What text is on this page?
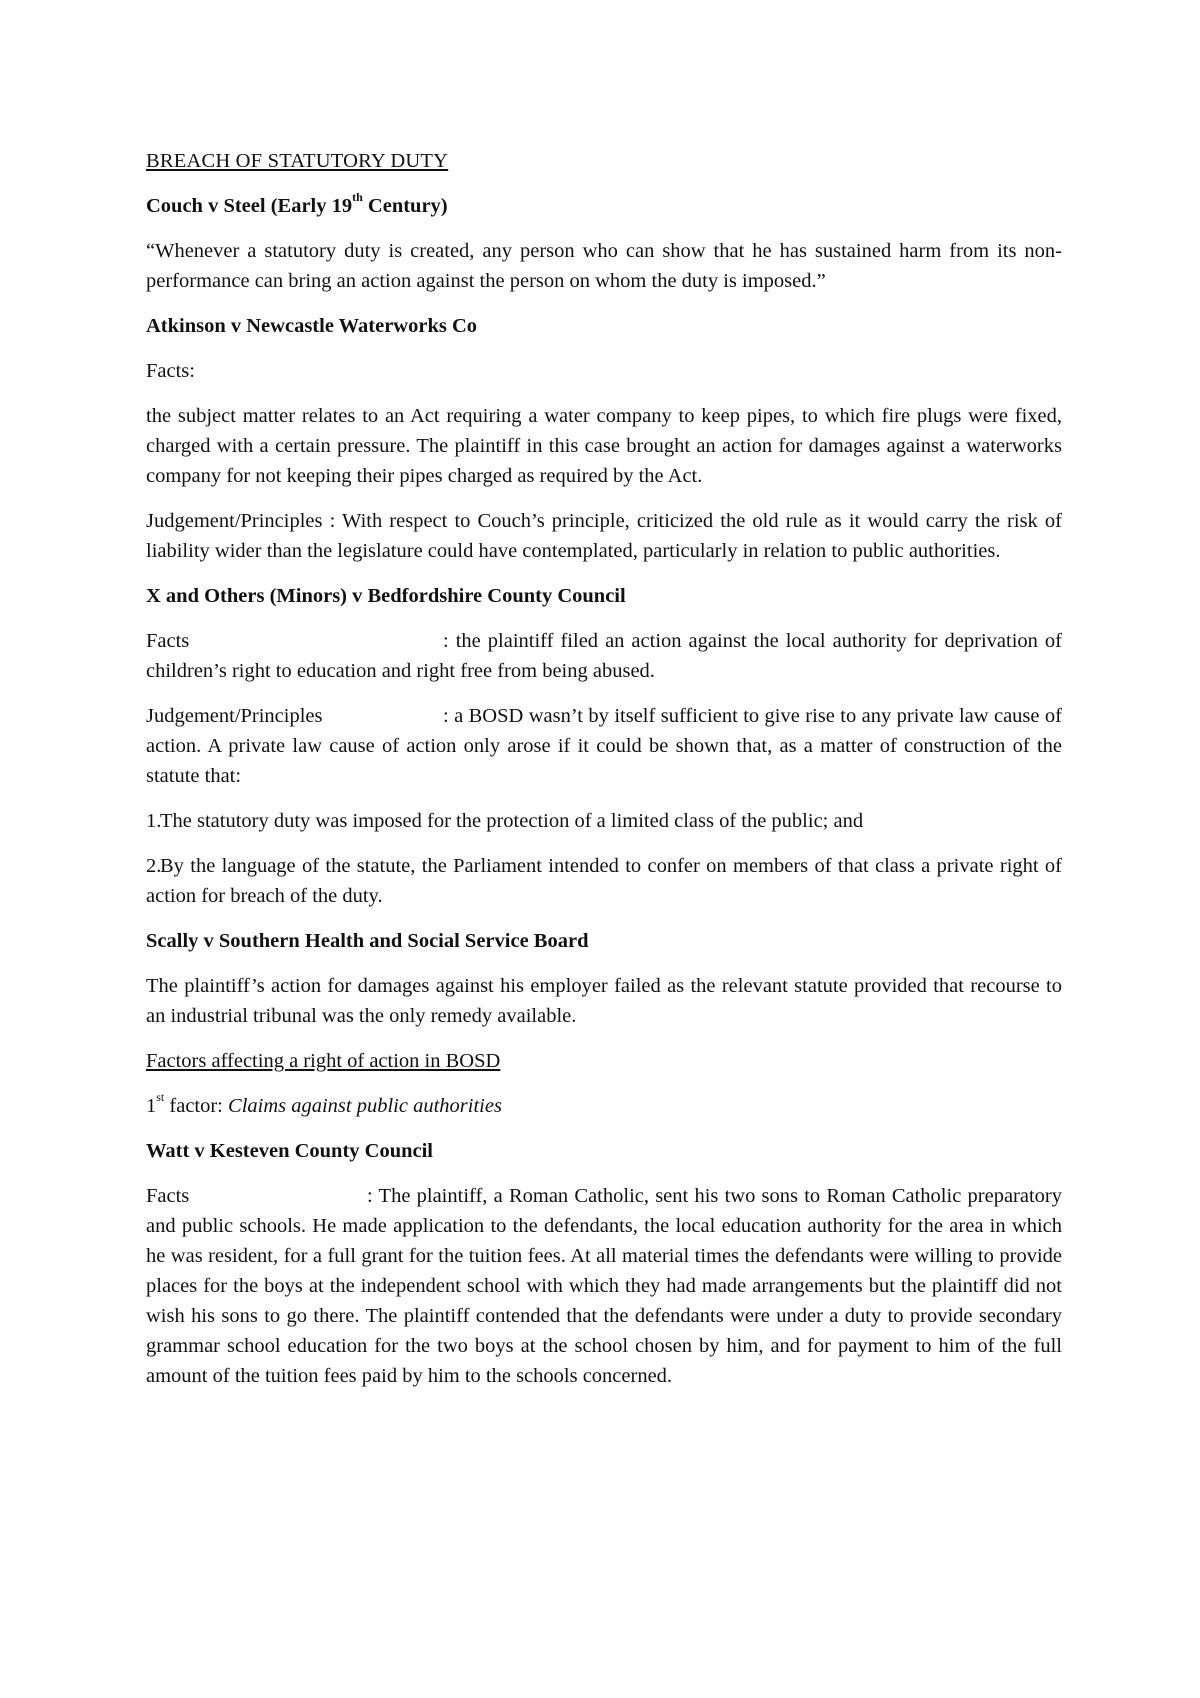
BREACH OF STATUTORY DUTY

Couch v Steel (Early 19th Century)

“Whenever a statutory duty is created, any person who can show that he has sustained harm from its non-performance can bring an action against the person on whom the duty is imposed.”

Atkinson v Newcastle Waterworks Co

Facts:

the subject matter relates to an Act requiring a water company to keep pipes, to which fire plugs were fixed, charged with a certain pressure. The plaintiff in this case brought an action for damages against a waterworks company for not keeping their pipes charged as required by the Act.

Judgement/Principles : With respect to Couch’s principle, criticized the old rule as it would carry the risk of liability wider than the legislature could have contemplated, particularly in relation to public authorities.

X and Others (Minors) v Bedfordshire County Council

Facts	: the plaintiff filed an action against the local authority for deprivation of children’s right to education and right free from being abused.

Judgement/Principles	: a BOSD wasn’t by itself sufficient to give rise to any private law cause of action. A private law cause of action only arose if it could be shown that, as a matter of construction of the statute that:

1.The statutory duty was imposed for the protection of a limited class of the public; and

2.By the language of the statute, the Parliament intended to confer on members of that class a private right of action for breach of the duty.

Scally v Southern Health and Social Service Board

The plaintiff’s action for damages against his employer failed as the relevant statute provided that recourse to an industrial tribunal was the only remedy available.

Factors affecting a right of action in BOSD

1st factor: Claims against public authorities

Watt v Kesteven County Council

Facts	: The plaintiff, a Roman Catholic, sent his two sons to Roman Catholic preparatory and public schools. He made application to the defendants, the local education authority for the area in which he was resident, for a full grant for the tuition fees. At all material times the defendants were willing to provide places for the boys at the independent school with which they had made arrangements but the plaintiff did not wish his sons to go there. The plaintiff contended that the defendants were under a duty to provide secondary grammar school education for the two boys at the school chosen by him, and for payment to him of the full amount of the tuition fees paid by him to the schools concerned.
